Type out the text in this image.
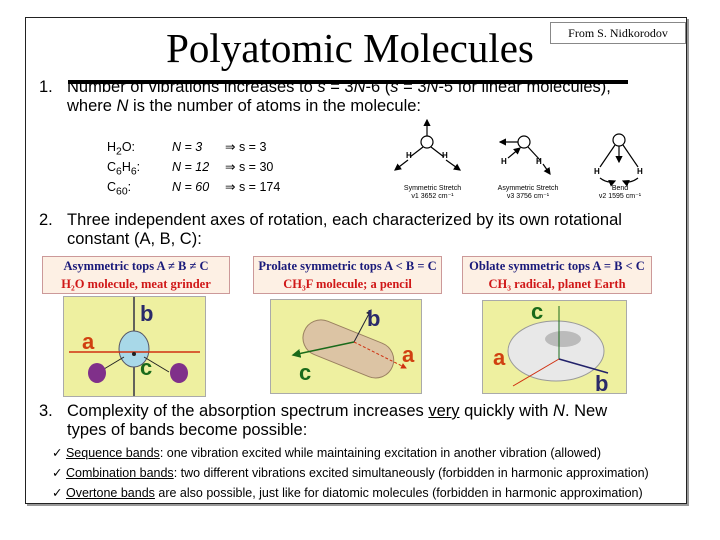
From S. Nidkorodov
Polyatomic Molecules
1. Number of vibrations increases to s = 3N-6 (s = 3N-5 for linear molecules),
where N is the number of atoms in the molecule:
$H_2O$:	N = 3 ⇒ s = 3
$C_6H_6$:	N = 12 ⇒ s = 30
$C_{60}$:	N = 60 ⇒ s = 174
H	H
H	H
H	H
Symmetric Stretch
ν1 3652 cm⁻¹
Asymmetric Stretch
ν3 3756 cm⁻¹
Bend
ν2 1595 cm⁻¹
2. Three independent axes of rotation, each characterized by its own rotational
constant (A, B, C):
Asymmetric tops A ≠ B ≠ C
H₂O molecule, meat grinder
Prolate symmetric tops A < B = C
CH₃F molecule; a pencil
Oblate symmetric tops A = B < C
CH₃ radical, planet Earth
b
a
c
b
a
c
c
a
b
3. Complexity of the absorption spectrum increases very quickly with N. New
types of bands become possible:
✓ Sequence bands: one vibration excited while maintaining excitation in another vibration (allowed)
✓ Combination bands: two different vibrations excited simultaneously (forbidden in harmonic approximation)
✓ Overtone bands are also possible, just like for diatomic molecules (forbidden in harmonic approximation)
